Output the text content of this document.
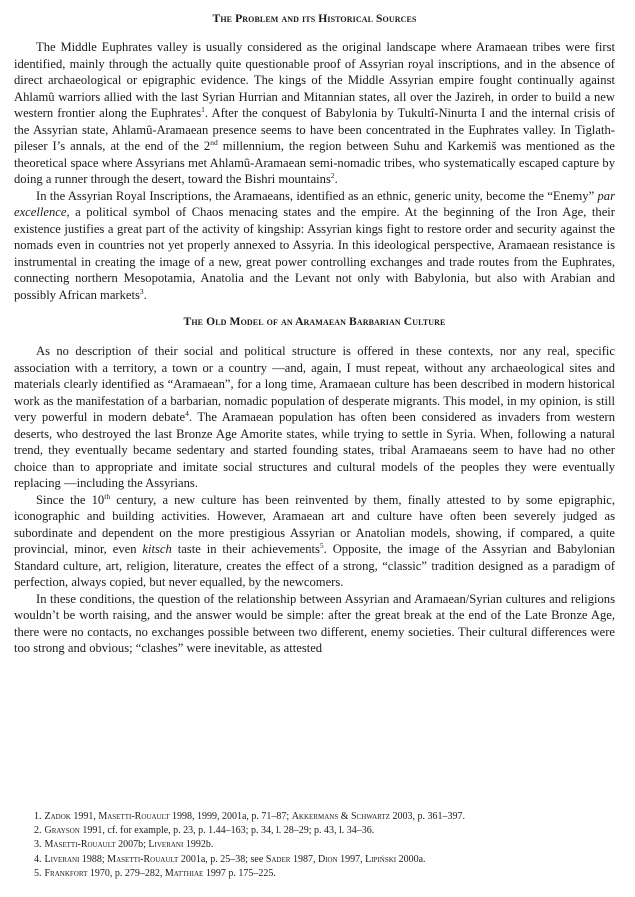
The Problem and its Historical Sources

The Middle Euphrates valley is usually considered as the original landscape where Aramaean tribes were first identified, mainly through the actually quite questionable proof of Assyrian royal inscriptions, and in the absence of direct archaeological or epigraphic evidence. The kings of the Middle Assyrian empire fought continually against Ahlamû warriors allied with the last Syrian Hurrian and Mitannian states, all over the Jazireh, in order to build a new western frontier along the Euphrates$^1$. After the conquest of Babylonia by Tukultî-Ninurta I and the internal crisis of the Assyrian state, Ahlamû-Aramaean presence seems to have been concentrated in the Euphrates valley. In Tiglath-pileser I’s annals, at the end of the 2nd millennium, the region between Suhu and Karkemiš was mentioned as the theoretical space where Assyrians met Ahlamû-Aramaean semi-nomadic tribes, who systematically escaped capture by doing a runner through the desert, toward the Bishri mountains$^2$.

In the Assyrian Royal Inscriptions, the Aramaeans, identified as an ethnic, generic unity, become the “Enemy” par excellence, a political symbol of Chaos menacing states and the empire. At the beginning of the Iron Age, their existence justifies a great part of the activity of kingship: Assyrian kings fight to restore order and security against the nomads even in countries not yet properly annexed to Assyria. In this ideological perspective, Aramaean resistance is instrumental in creating the image of a new, great power controlling exchanges and trade routes from the Euphrates, connecting northern Mesopotamia, Anatolia and the Levant not only with Babylonia, but also with Arabian and possibly African markets$^3$.

The Old Model of an Aramaean Barbarian Culture

As no description of their social and political structure is offered in these contexts, nor any real, specific association with a territory, a town or a country —and, again, I must repeat, without any archaeological sites and materials clearly identified as “Aramaean”, for a long time, Aramaean culture has been described in modern historical work as the manifestation of a barbarian, nomadic population of desperate migrants. This model, in my opinion, is still very powerful in modern debate$^4$. The Aramaean population has often been considered as invaders from western deserts, who destroyed the last Bronze Age Amorite states, while trying to settle in Syria. When, following a natural trend, they eventually became sedentary and started founding states, tribal Aramaeans seem to have had no other choice than to appropriate and imitate social structures and cultural models of the peoples they were eventually replacing —including the Assyrians.

Since the 10th century, a new culture has been reinvented by them, finally attested to by some epigraphic, iconographic and building activities. However, Aramaean art and culture have often been severely judged as subordinate and dependent on the more prestigious Assyrian or Anatolian models, showing, if compared, a quite provincial, minor, even kitsch taste in their achievements$^5$. Opposite, the image of the Assyrian and Babylonian Standard culture, art, religion, literature, creates the effect of a strong, “classic” tradition designed as a paradigm of perfection, always copied, but never equalled, by the newcomers.

In these conditions, the question of the relationship between Assyrian and Aramaean/Syrian cultures and religions wouldn’t be worth raising, and the answer would be simple: after the great break at the end of the Late Bronze Age, there were no contacts, no exchanges possible between two different, enemy societies. Their cultural differences were too strong and obvious; “clashes” were inevitable, as attested

1. Zadok 1991, Masetti-Rouault 1998, 1999, 2001a, p. 71–87; Akkermans & Schwartz 2003, p. 361–397.
2. Grayson 1991, cf. for example, p. 23, p. 1.44–163; p. 34, l. 28–29; p. 43, l. 34–36.
3. Masetti-Rouault 2007b; Liverani 1992b.
4. Liverani 1988; Masetti-Rouault 2001a, p. 25–38; see Sader 1987, Dion 1997, Lipiński 2000a.
5. Frankfort 1970, p. 279–282, Matthiae 1997 p. 175–225.
